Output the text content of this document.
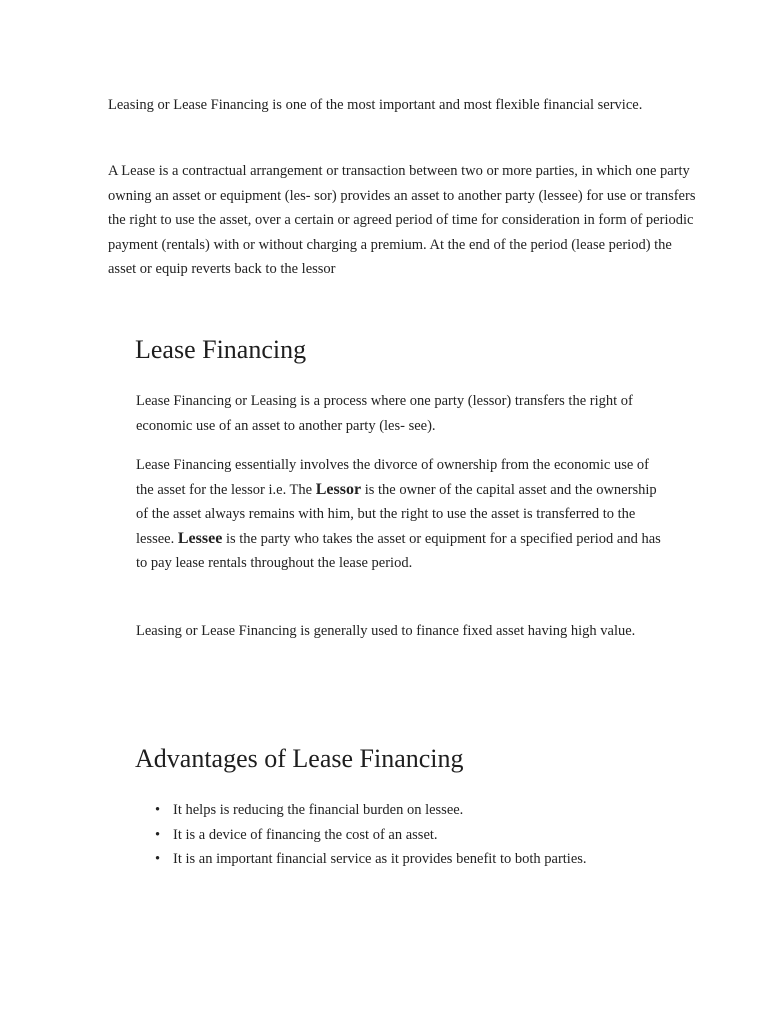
Leasing or Lease Financing is one of the most important and most flexible financial service.

A Lease is a contractual arrangement or transaction between two or more parties, in which one party owning an asset or equipment (les- sor) provides an asset to another party (lessee) for use or transfers the right to use the asset, over a certain or agreed period of time for consideration in form of periodic payment (rentals) with or without charging a premium. At the end of the period (lease period) the asset or equip reverts back to the lessor

Lease Financing

Lease Financing or Leasing is a process where one party (lessor) transfers the right of economic use of an asset to another party (les- see).

Lease Financing essentially involves the divorce of ownership from the economic use of the asset for the lessor i.e. The Lessor is the owner of the capital asset and the ownership of the asset always remains with him, but the right to use the asset is transferred to the lessee. Lessee is the party who takes the asset or equipment for a specified period and has to pay lease rentals throughout the lease period.

Leasing or Lease Financing is generally used to finance fixed asset having high value.

Advantages of Lease Financing
• It helps is reducing the financial burden on lessee.
• It is a device of financing the cost of an asset.
• It is an important financial service as it provides benefit to both parties.
